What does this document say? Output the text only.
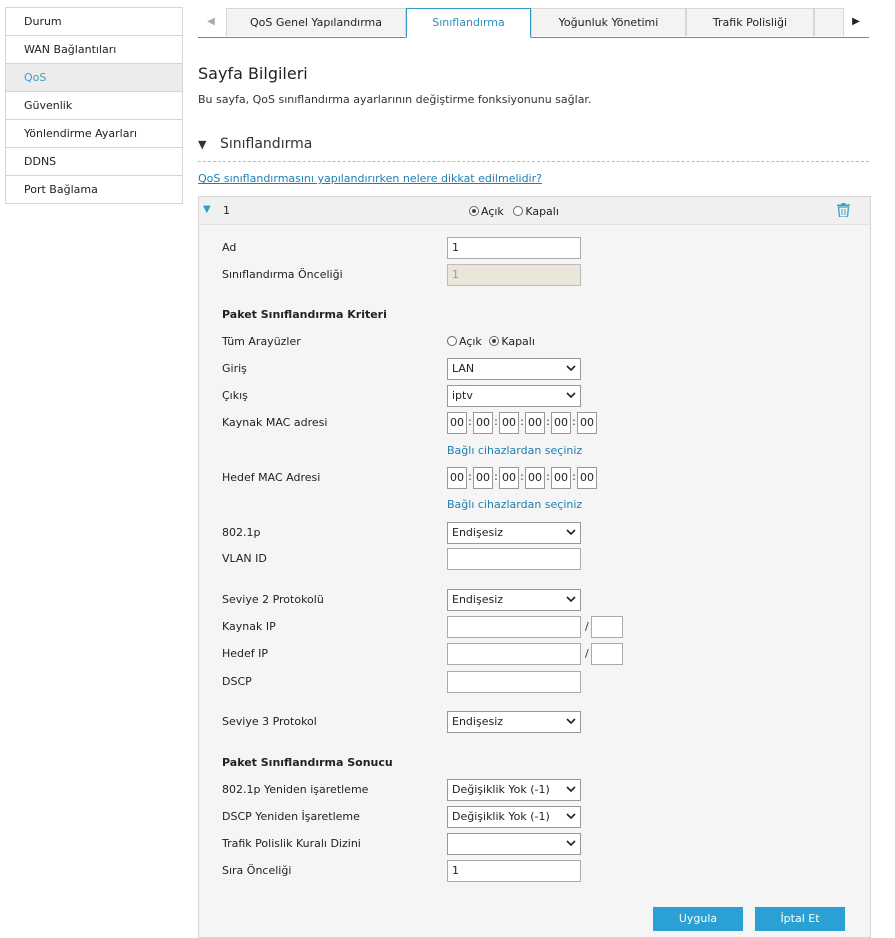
Durum
WAN Bağlantıları
QoS
Güvenlik
Yönlendirme Ayarları
DDNS
Port Bağlama
◀	QoS Genel Yapılandırma	Sınıflandırma	Yoğunluk Yönetimi	Trafik Polisliği	▶
Sayfa Bilgileri
Bu sayfa, QoS sınıflandırma ayarlarının değiştirme fonksiyonunu sağlar.
▼ Sınıflandırma
QoS sınıflandırmasını yapılandırırken nelere dikkat edilmelidir?
▼ 1	Açık Kapalı
Ad	1
Sınıflandırma Önceliği	1
Paket Sınıflandırma Kriteri
Tüm Arayüzler	Açık Kapalı
Giriş	LAN
Çıkış	iptv
Kaynak MAC adresi	00 : 00 : 00 : 00 : 00 : 00
Bağlı cihazlardan seçiniz
Hedef MAC Adresi	00 : 00 : 00 : 00 : 00 : 00
Bağlı cihazlardan seçiniz
802.1p	Endişesiz
VLAN ID
Seviye 2 Protokolü	Endişesiz
Kaynak IP	/
Hedef IP	/
DSCP
Seviye 3 Protokol	Endişesiz
Paket Sınıflandırma Sonucu
802.1p Yeniden işaretleme	Değişiklik Yok (-1)
DSCP Yeniden İşaretleme	Değişiklik Yok (-1)
Trafik Polislik Kuralı Dizini
Sıra Önceliği	1
Uygula	İptal Et
